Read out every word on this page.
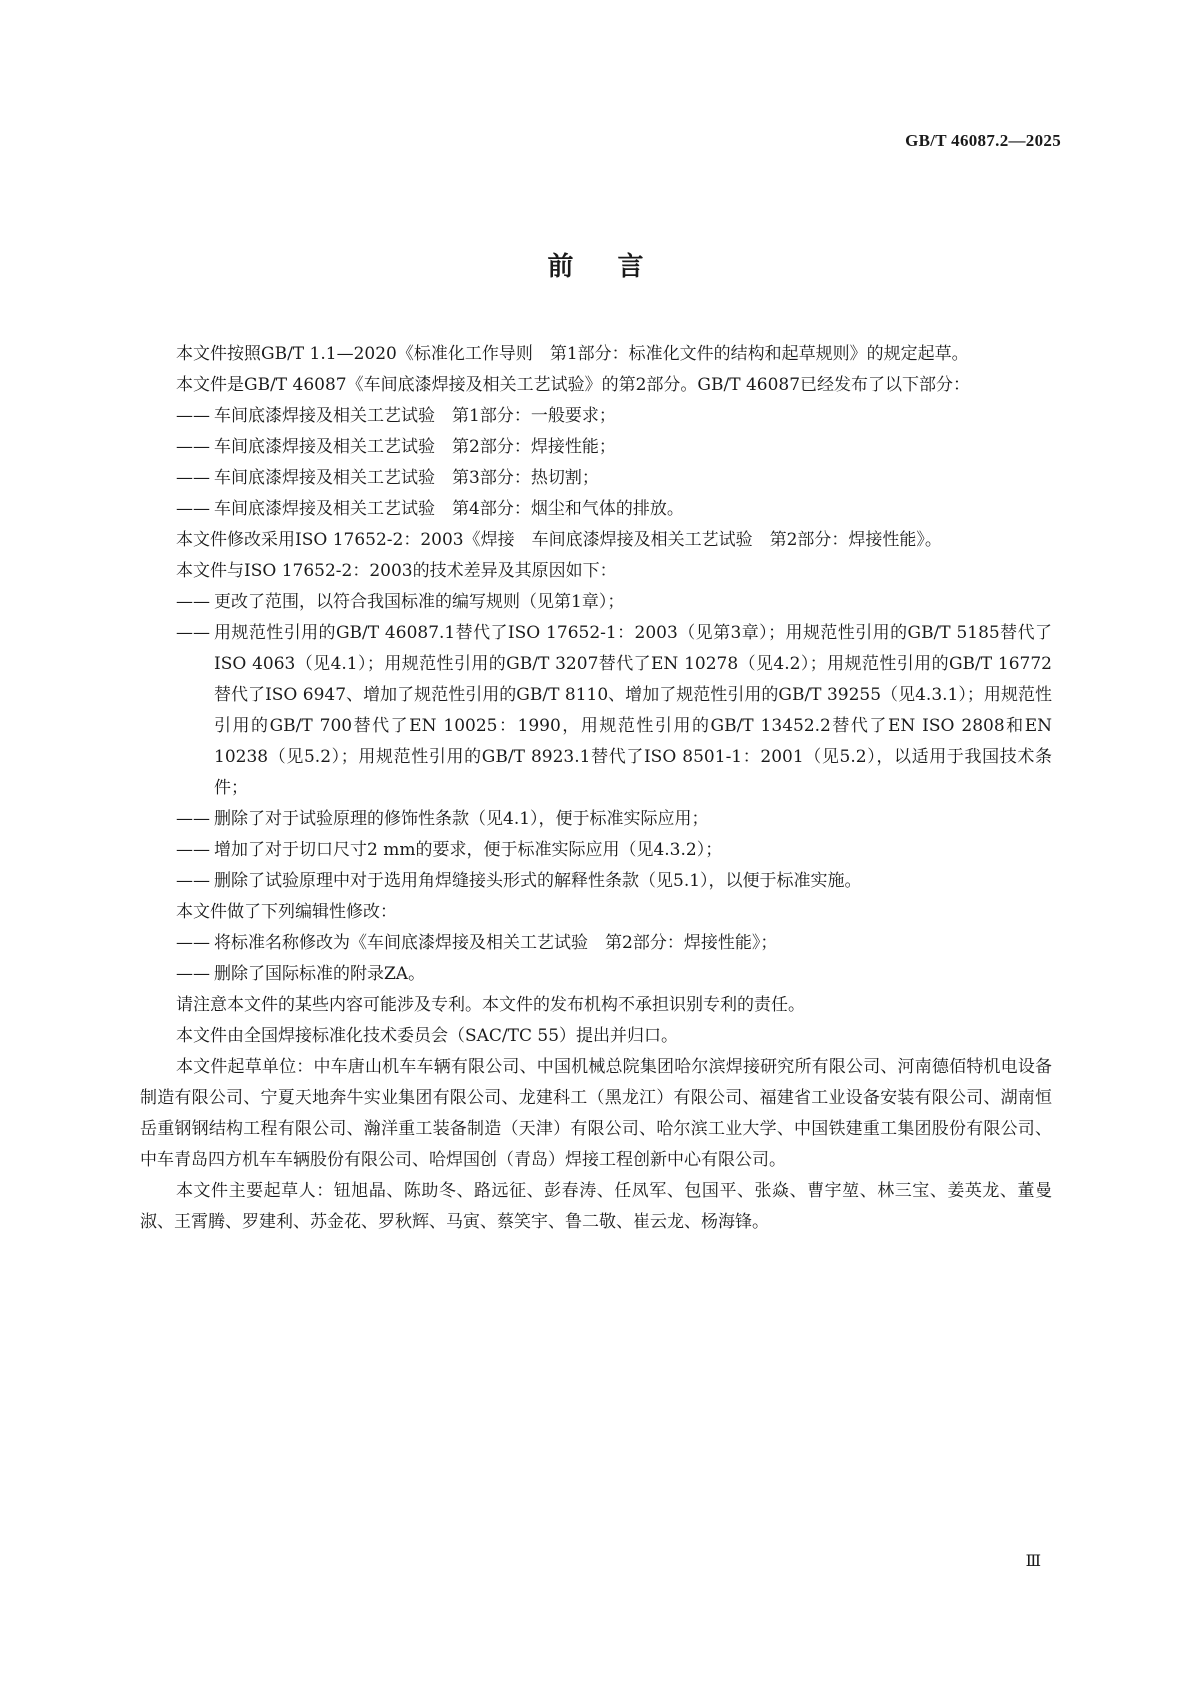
GB/T 46087.2—2025
前言

本文件按照GB/T 1.1—2020《标准化工作导则　第1部分：标准化文件的结构和起草规则》的规定起草。

本文件是GB/T 46087《车间底漆焊接及相关工艺试验》的第2部分。GB/T 46087已经发布了以下部分：

—— 车间底漆焊接及相关工艺试验　第1部分：一般要求；
—— 车间底漆焊接及相关工艺试验　第2部分：焊接性能；
—— 车间底漆焊接及相关工艺试验　第3部分：热切割；
—— 车间底漆焊接及相关工艺试验　第4部分：烟尘和气体的排放。

本文件修改采用ISO 17652-2：2003《焊接　车间底漆焊接及相关工艺试验　第2部分：焊接性能》。

本文件与ISO 17652-2：2003的技术差异及其原因如下：

—— 更改了范围，以符合我国标准的编写规则（见第1章）；
—— 用规范性引用的GB/T 46087.1替代了ISO 17652-1：2003（见第3章）；用规范性引用的GB/T 5185替代了ISO 4063（见4.1）；用规范性引用的GB/T 3207替代了EN 10278（见4.2）；用规范性引用的GB/T 16772替代了ISO 6947、增加了规范性引用的GB/T 8110、增加了规范性引用的GB/T 39255（见4.3.1）；用规范性引用的GB/T 700替代了EN 10025：1990，用规范性引用的GB/T 13452.2替代了EN ISO 2808和EN 10238（见5.2）；用规范性引用的GB/T 8923.1替代了ISO 8501-1：2001（见5.2），以适用于我国技术条件；
—— 删除了对于试验原理的修饰性条款（见4.1），便于标准实际应用；
—— 增加了对于切口尺寸2 mm的要求，便于标准实际应用（见4.3.2）；
—— 删除了试验原理中对于选用角焊缝接头形式的解释性条款（见5.1），以便于标准实施。

本文件做了下列编辑性修改：

—— 将标准名称修改为《车间底漆焊接及相关工艺试验　第2部分：焊接性能》；
—— 删除了国际标准的附录ZA。

请注意本文件的某些内容可能涉及专利。本文件的发布机构不承担识别专利的责任。

本文件由全国焊接标准化技术委员会（SAC/TC 55）提出并归口。

本文件起草单位：中车唐山机车车辆有限公司、中国机械总院集团哈尔滨焊接研究所有限公司、河南德佰特机电设备制造有限公司、宁夏天地奔牛实业集团有限公司、龙建科工（黑龙江）有限公司、福建省工业设备安装有限公司、湖南恒岳重钢钢结构工程有限公司、瀚洋重工装备制造（天津）有限公司、哈尔滨工业大学、中国铁建重工集团股份有限公司、中车青岛四方机车车辆股份有限公司、哈焊国创（青岛）焊接工程创新中心有限公司。

本文件主要起草人：钮旭晶、陈助冬、路远征、彭春涛、任凤军、包国平、张焱、曹宇堃、林三宝、姜英龙、董曼淑、王霄腾、罗建利、苏金花、罗秋辉、马寅、蔡笑宇、鲁二敬、崔云龙、杨海锋。

Ⅲ
